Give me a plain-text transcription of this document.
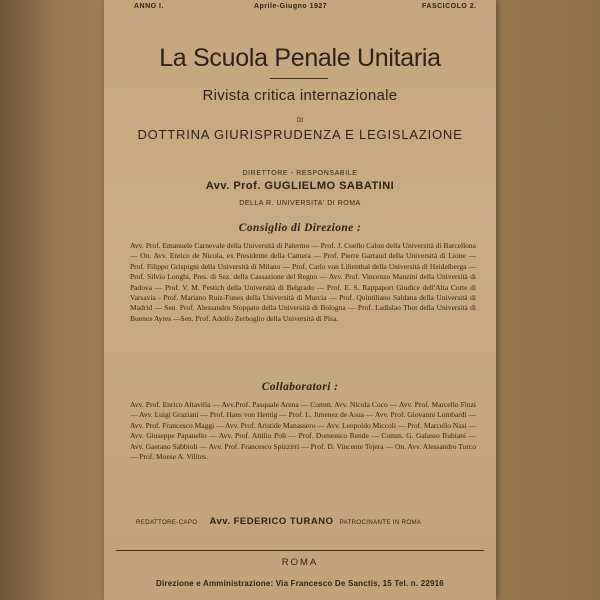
ANNO I.	Aprile-Giugno 1927	FASCICOLO 2.
La Scuola Penale Unitaria
Rivista critica internazionale
DI
DOTTRINA GIURISPRUDENZA E LEGISLAZIONE
DIRETTORE - RESPONSABILE
Avv. Prof. GUGLIELMO SABATINI
DELLA R. UNIVERSITA' DI ROMA
Consiglio di Direzione :
Avv. Prof. Emanuele Carnevale della Università di Palermo — Prof. J. Cuello Calon della Università di Barcellona — On. Avv. Enrico de Nicola, ex Presidente della Camera — Prof. Pierre Garraud della Università di Lione — Prof. Filippo Grispigni della Università di Milano — Prof. Carlo von Lilienthal della Università di Heidelberga — Prof. Silvio Longhi, Pres. di Sez. della Cassazione del Regno — Avv. Prof. Vincenzo Manzini della Università di Padova — Prof. V. M. Pestich della Università di Belgrado — Prof. E. S. Rappaport Giudice dell'Alta Corte di Varsavia - Prof. Mariano Ruiz-Funes della Università di Murcia — Prof. Quintiliano Saldana della Università di Madrid — Sen. Prof. Alessandro Stoppato della Università di Bologna — Prof. Ladislao Thot della Università di Buenos Ayres —Sen. Prof. Adolfo Zerboglio della Università di Pisa.
Collaboratori :
Avv. Prof. Enrico Altavilla — Avv.Prof. Pasquale Arena — Comm. Avv. Nicola Coco — Avv. Prof. Marcello Finzi — Avv. Luigi Graziani — Prof. Hans von Hentig — Prof. L. Jimenez de Asua — Avv. Prof. Giovanni Lombardi — Avv. Prof. Francesco Maggi — Avv. Prof. Aristide Manassero — Avv. Leopoldo Miccoli — Prof. Marcello Nasi — Avv. Giuseppe Papanello — Avv. Prof. Attilio Poli — Prof. Domenico Rende — Comm. G. Galasso Rubiani — Avv. Gaetano Sabbioli — Avv. Prof. Francesco Spizzirri — Prof. D. Vincente Tejera — On. Avv. Alessandro Turco — Prof. Moese A. Vilites.
REDATTORE-CAPO Avv. FEDERICO TURANO PATROCINANTE IN ROMA
ROMA
Direzione e Amministrazione: Via Francesco De Sanctis, 15 Tel. n. 22916
